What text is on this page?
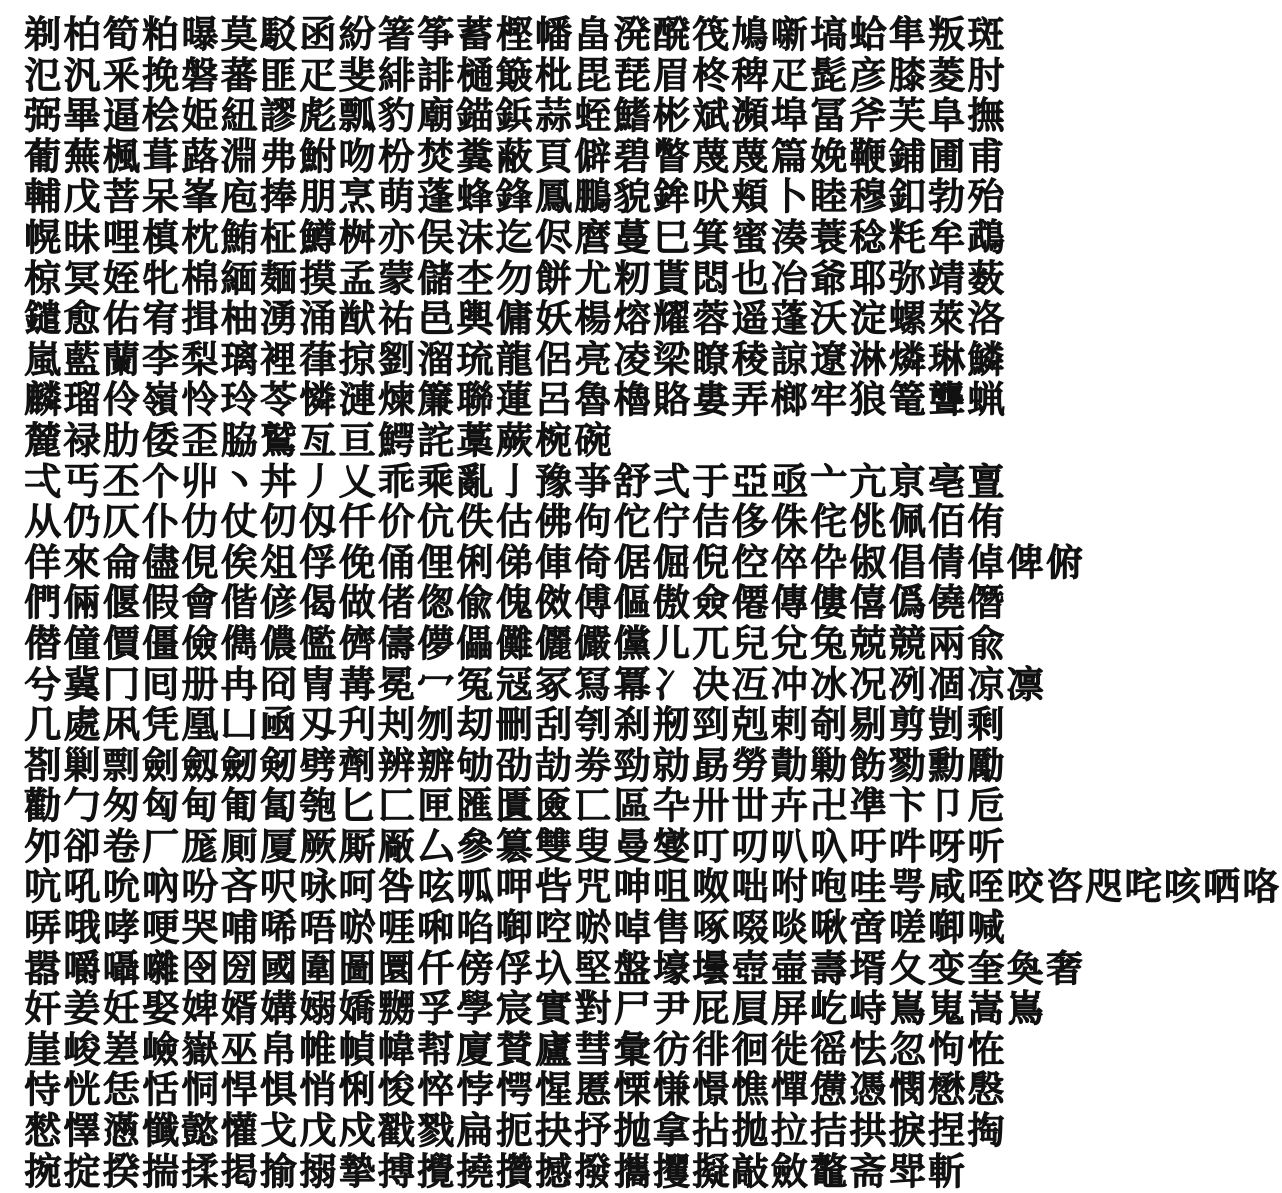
剃柏筍粕曝莫駁函紛箸筝蓄樫幡畠溌醗筏鳩噺塙蛤隼叛斑
氾汎釆挽磐蕃匪疋斐緋誹樋簸枇毘琵眉柊稗疋髭彦膝菱肘
弼畢逼桧姫紐謬彪瓢豹廟錨鋲蒜蛭鰭彬斌瀕埠冨斧芙阜撫
葡蕪楓葺蕗淵弗鮒吻枌焚糞蔽頁僻碧瞥蔑蔑篇娩鞭鋪圃甫
輔戊菩呆峯庖捧朋烹萌蓬蜂鋒鳳鵬貌鉾吠頬卜睦穆釦勃殆
幌昧哩槙枕鮪柾鱒桝亦俣沫迄侭麿蔓巳箕蜜湊蓑稔粍牟鵡
椋冥姪牝棉緬麺摸孟蒙儲杢勿餅尤籾貰悶也冶爺耶弥靖薮
鑓愈佑宥揖柚湧涌猷祐邑輿傭妖楊熔耀蓉遥蓬沃淀螺萊洛
嵐藍蘭李梨璃裡葎掠劉溜琉龍侶亮凌梁瞭稜諒遼淋燐琳鱗
麟瑠伶嶺怜玲苓憐漣煉簾聯蓮呂魯櫓賂婁弄榔牢狼篭聾蝋
麓禄肋倭歪脇鷲亙亘鰐詫藁蕨椀碗
弌丐丕个丱丶丼丿乂乖乘亂亅豫亊舒弍于亞亟亠亢亰亳亶
从仍仄仆仂仗仞仭仟价伉佚估佛佝佗佇佶侈侏侘佻佩佰侑
佯來侖儘俔俟俎俘俛俑俚俐俤俥倚倨倔倪倥倅伜俶倡倩倬俾俯
們倆偃假會偕偐偈做偖偬偸傀傚傅傴傲僉僊傳僂僖僞僥僭
僣僮價僵儉儁儂儖儕儔儚儡儺儷儼儻儿兀兒兌兔兢競兩兪
兮冀冂囘册冉冏冑冓冕冖冤冦冢冩冪冫决冱冲冰况冽凅凉凛
几處凩凭凰凵凾刄刋刔刎刧刪刮刳刹剏剄剋剌剞剔剪剴剩
剳剿剽劍劔劒剱劈劑辨辧劬劭劼劵勁勍勗勞勣勦飭勠勳勵
勸勹匆匈甸匍匐匏匕匚匣匯匱匳匸區卆卅丗卉卍凖卞卩卮
夘卻卷厂厖厠厦厥厮厰厶參簒雙叟曼燮叮叨叭叺吁吽呀听
吭吼吮吶吩吝呎咏呵咎呟呱呷呰咒呻咀呶咄咐咆哇咢咸咥咬咨咫咤咳哂咯
哢哦哮哽哭哺唏唔唹啀啝啗啣啌唹啅售啄啜啖啾啻嗟啣喊
嚣嚼囁囃囹圀國圍圖圜仟傍俘圦堅盤壕壜壺壷壽壻夂变奎奐奢
奸姜妊娶婢婿媾嫋嬌嬲孚學宸實對尸尹屁屓屏屹峙嶌嵬嵩嶌
崖峻嵳嶮嶽巫帛帷幀幃幇廈賛廬彗彙彷徘徊徙徭怯忽怐恠
恃恍恁恬恫悍惧悄悧悛悴悖愕惺慝慄慊憬憔憚憊憑憫懋慇
憖懌懣懺懿懽戈戊戍戳戮扁扼抉抒抛拿拈拋拉拮拱捩捏掏
捥掟揆揣揉掲揄搦摯搏攪撓攢撼撥攜攫擬敲斂鼇斋斝斬
